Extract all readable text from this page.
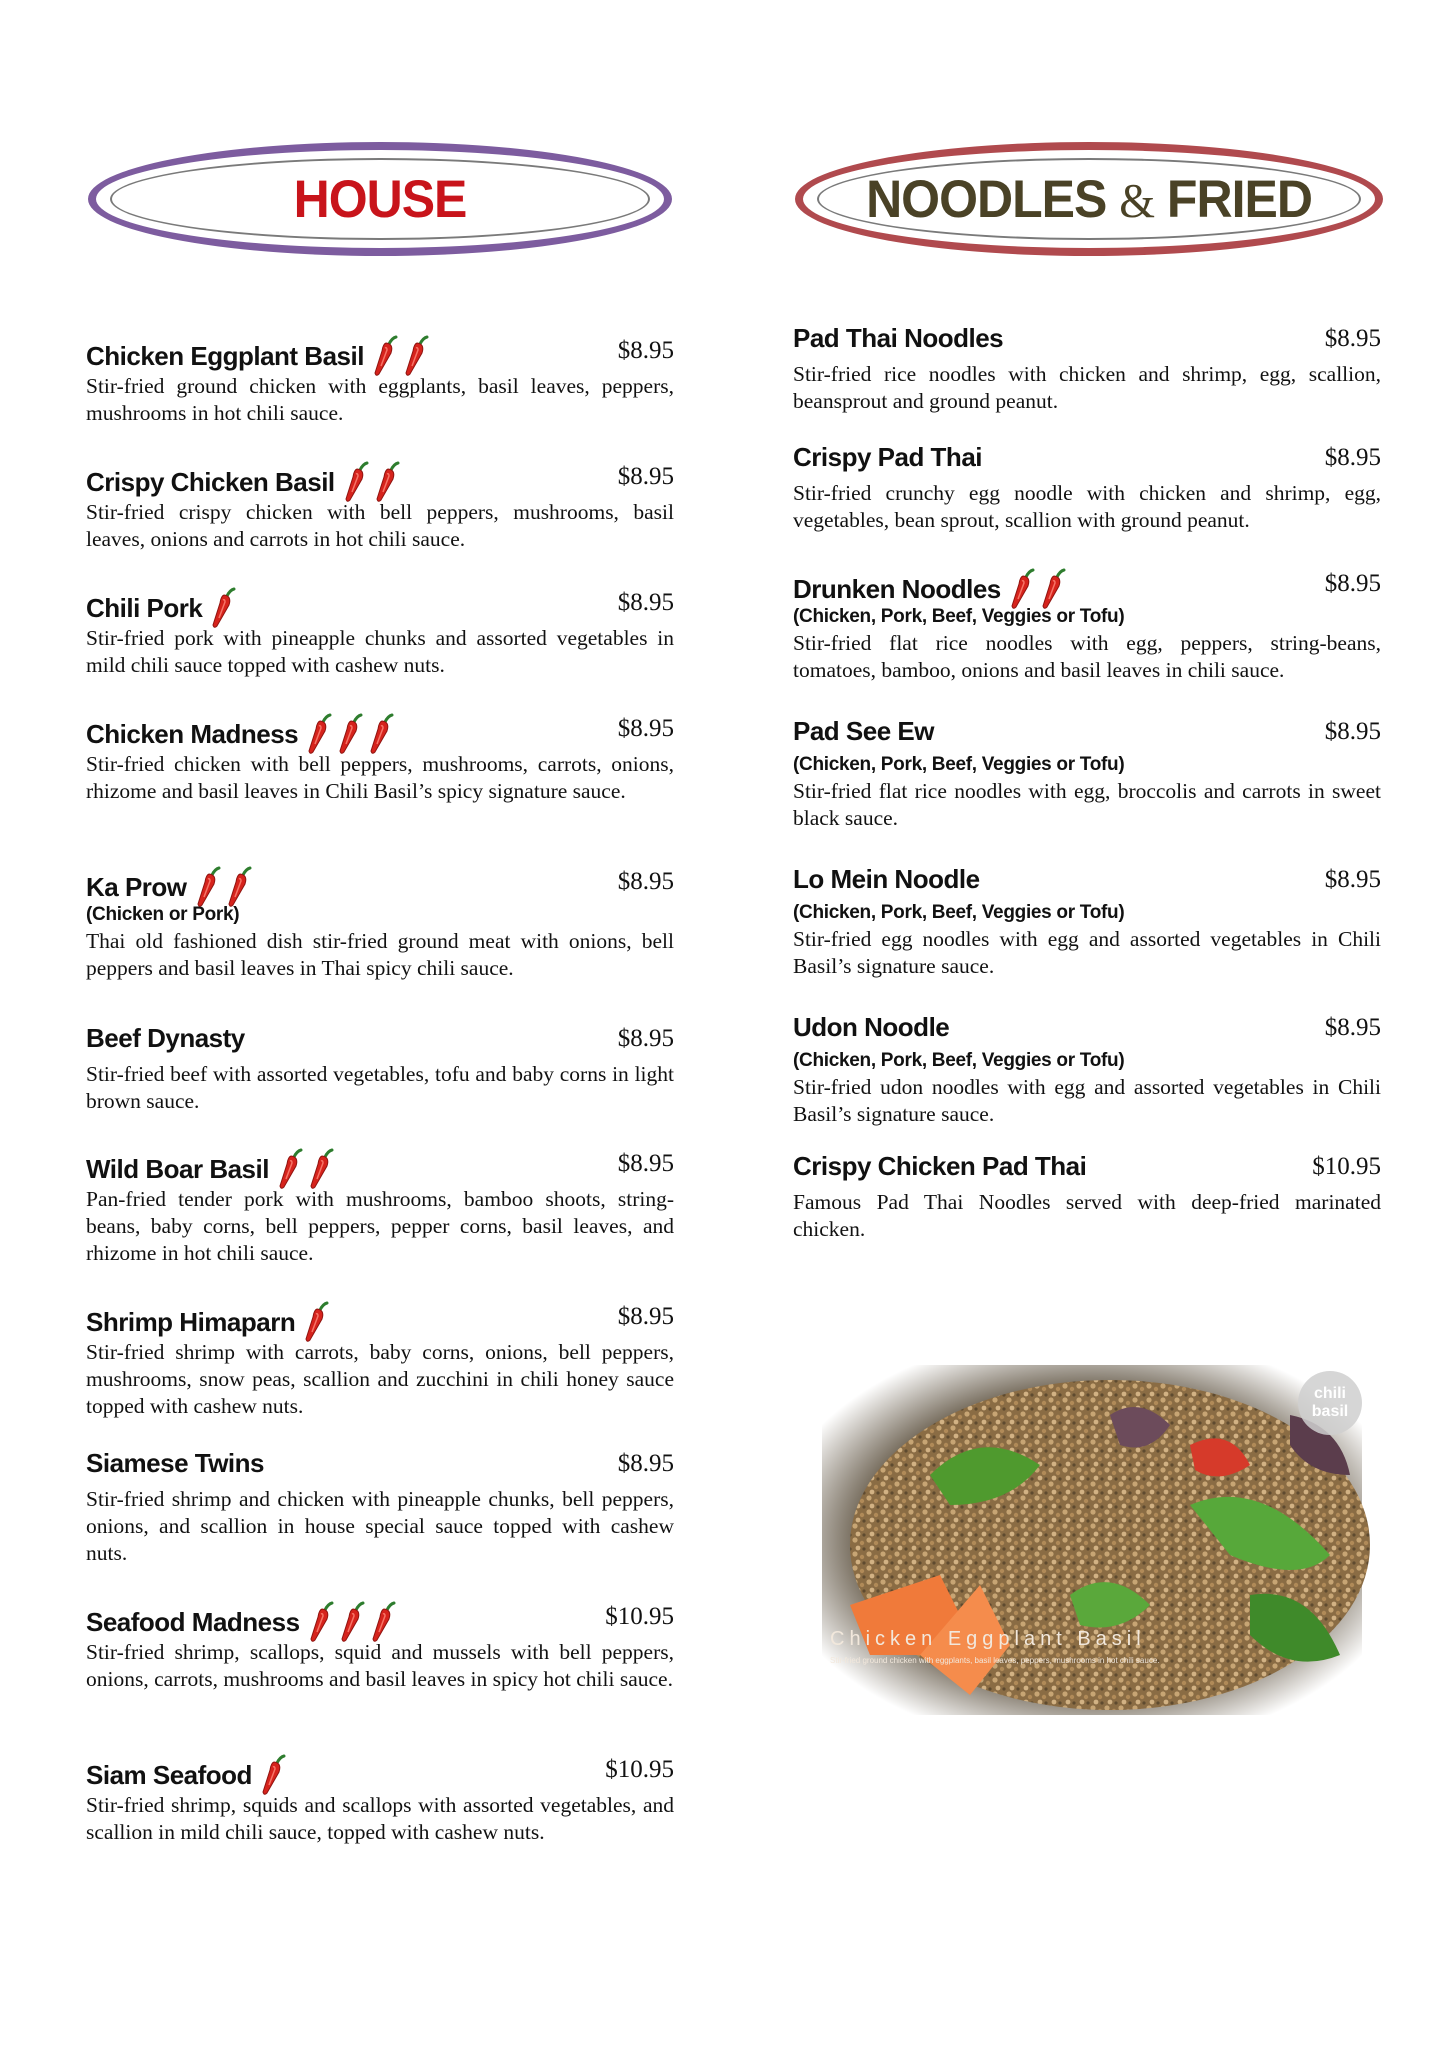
HOUSE	NOODLES & FRIED
Chicken Eggplant Basil	$8.95
Stir-fried ground chicken with eggplants, basil leaves, peppers, mushrooms in hot chili sauce.
Crispy Chicken Basil	$8.95
Stir-fried crispy chicken with bell peppers, mushrooms, basil leaves, onions and carrots in hot chili sauce.
Chili Pork	$8.95
Stir-fried pork with pineapple chunks and assorted vegetables in mild chili sauce topped with cashew nuts.
Chicken Madness	$8.95
Stir-fried chicken with bell peppers, mushrooms, carrots, onions, rhizome and basil leaves in Chili Basil’s spicy signature sauce.
Ka Prow	$8.95
(Chicken or Pork)
Thai old fashioned dish stir-fried ground meat with onions, bell peppers and basil leaves in Thai spicy chili sauce.
Beef Dynasty	$8.95
Stir-fried beef with assorted vegetables, tofu and baby corns in light brown sauce.
Wild Boar Basil	$8.95
Pan-fried tender pork with mushrooms, bamboo shoots, string-beans, baby corns, bell peppers, pepper corns, basil leaves, and rhizome in hot chili sauce.
Shrimp Himaparn	$8.95
Stir-fried shrimp with carrots, baby corns, onions, bell peppers, mushrooms, snow peas, scallion and zucchini in chili honey sauce topped with cashew nuts.
Siamese Twins	$8.95
Stir-fried shrimp and chicken with pineapple chunks, bell peppers, onions, and scallion in house special sauce topped with cashew nuts.
Seafood Madness	$10.95
Stir-fried shrimp, scallops, squid and mussels with bell peppers, onions, carrots, mushrooms and basil leaves in spicy hot chili sauce.
Siam Seafood	$10.95
Stir-fried shrimp, squids and scallops with assorted vegetables, and scallion in mild chili sauce, topped with cashew nuts.
Pad Thai Noodles	$8.95
Stir-fried rice noodles with chicken and shrimp, egg, scallion, beansprout and ground peanut.
Crispy Pad Thai	$8.95
Stir-fried crunchy egg noodle with chicken and shrimp, egg, vegetables, bean sprout, scallion with ground peanut.
Drunken Noodles	$8.95
(Chicken, Pork, Beef, Veggies or Tofu)
Stir-fried flat rice noodles with egg, peppers, string-beans, tomatoes, bamboo, onions and basil leaves in chili sauce.
Pad See Ew	$8.95
(Chicken, Pork, Beef, Veggies or Tofu)
Stir-fried flat rice noodles with egg, broccolis and carrots in sweet black sauce.
Lo Mein Noodle	$8.95
(Chicken, Pork, Beef, Veggies or Tofu)
Stir-fried egg noodles with egg and assorted vegetables in Chili Basil’s signature sauce.
Udon Noodle	$8.95
(Chicken, Pork, Beef, Veggies or Tofu)
Stir-fried udon noodles with egg and assorted vegetables in Chili Basil’s signature sauce.
Crispy Chicken Pad Thai	$10.95
Famous Pad Thai Noodles served with deep-fried marinated chicken.
chili
basil
Chicken Eggplant Basil
Stir-fried ground chicken with eggplants, basil leaves, peppers, mushrooms in hot chili sauce.
